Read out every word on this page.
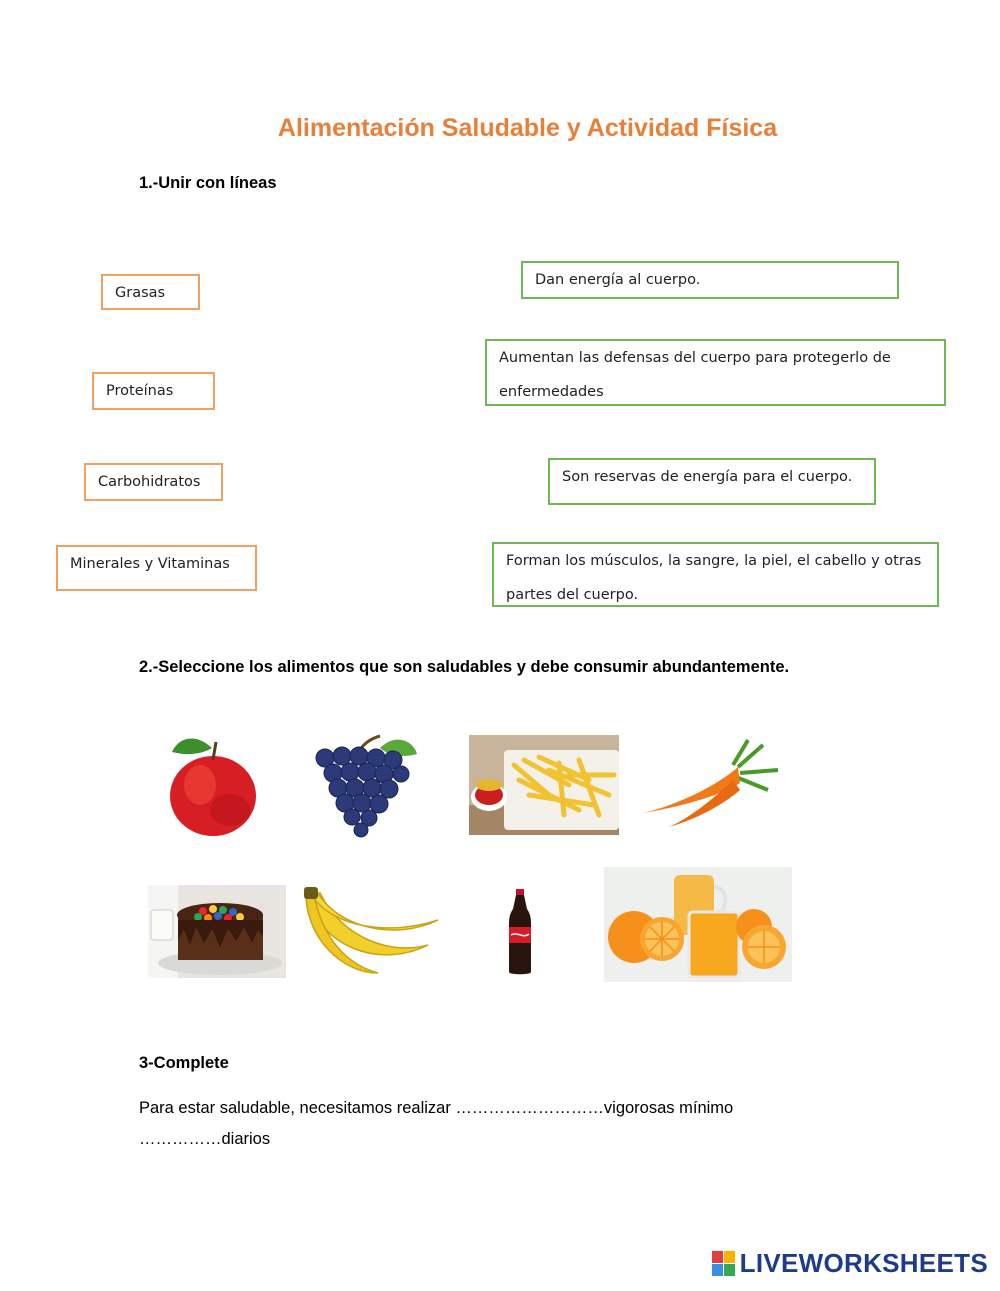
Alimentación Saludable y Actividad Física
1.-Unir con líneas
Grasas
Proteínas
Carbohidratos
Minerales y Vitaminas
Dan energía al cuerpo.
Aumentan las defensas del cuerpo para protegerlo de enfermedades
Son reservas de energía para el cuerpo.
Forman los músculos, la sangre, la piel, el cabello y otras partes del cuerpo.
2.-Seleccione los alimentos que son saludables y debe consumir abundantemente.
3-Complete
Para estar saludable, necesitamos realizar ………………………vigorosas mínimo
……………diarios
LIVEWORKSHEETS
